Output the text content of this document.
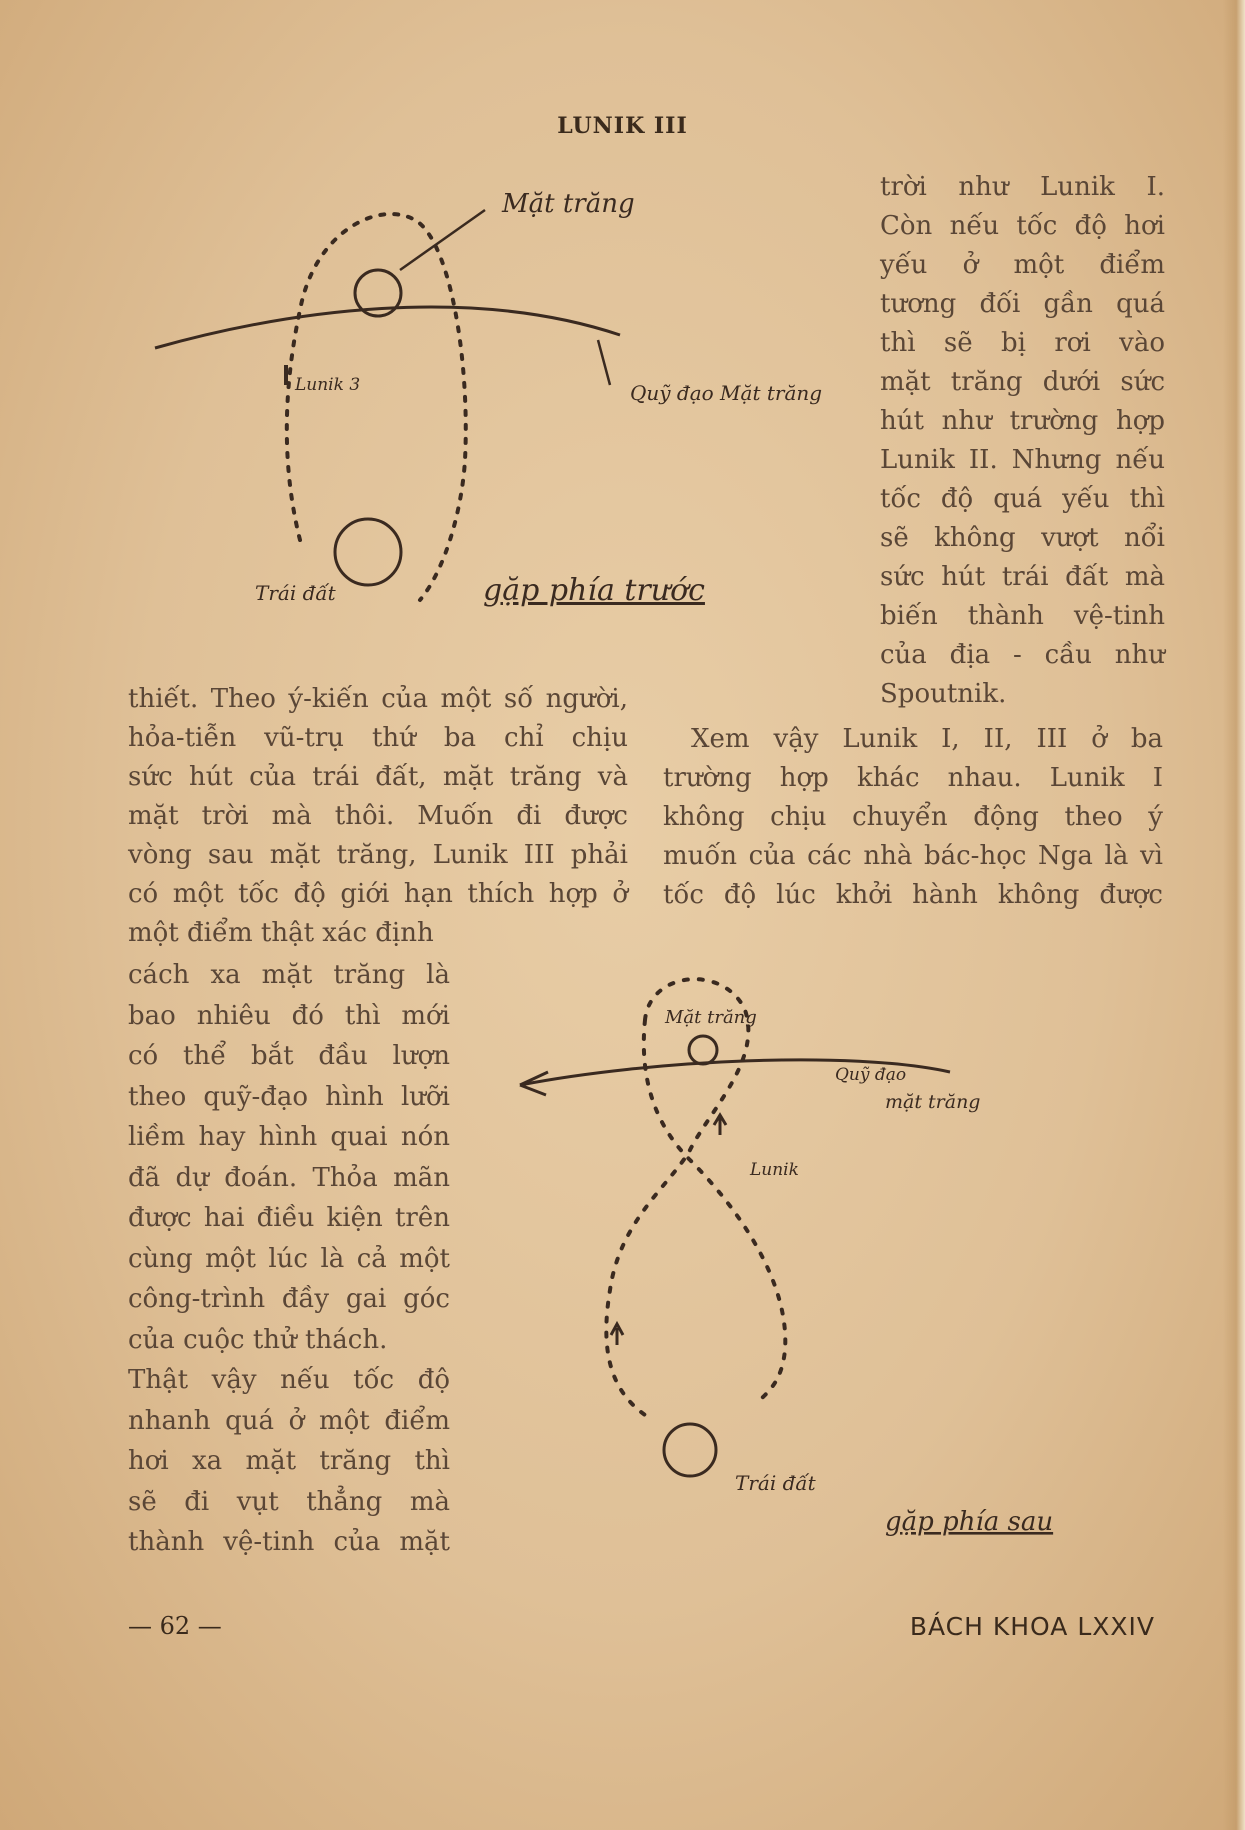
LUNIK III
Mặt trăng
Lunik 3	Quỹ đạo Mặt trăng
Trái đất	gặp phía trước

trời như Lunik I.

Còn nếu tốc độ hơi

yếu ở một điểm

tương đối gần quá

thì sẽ bị rơi vào

mặt trăng dưới sức

hút như trường hợp

Lunik II. Nhưng nếu

tốc độ quá yếu thì

sẽ không vượt nổi

sức hút trái đất mà

biến thành vệ-tinh

của địa - cầu như

Spoutnik.

thiết. Theo ý-kiến của một số người,

hỏa-tiễn vũ-trụ thứ ba chỉ chịu

sức hút của trái đất, mặt trăng và

mặt trời mà thôi. Muốn đi được

vòng sau mặt trăng, Lunik III phải

có một tốc độ giới hạn thích hợp ở

một điểm thật xác định

Xem vậy Lunik I, II, III ở ba

trường hợp khác nhau. Lunik I

không chịu chuyển động theo ý

muốn của các nhà bác-học Nga là vì

tốc độ lúc khởi hành không được

cách xa mặt trăng là

bao nhiêu đó thì mới

có thể bắt đầu lượn

theo quỹ-đạo hình lưỡi

liềm hay hình quai nón

đã dự đoán. Thỏa mãn

được hai điều kiện trên

cùng một lúc là cả một

công-trình đầy gai góc

của cuộc thử thách.

Thật vậy nếu tốc độ

nhanh quá ở một điểm

hơi xa mặt trăng thì

sẽ đi vụt thẳng mà

thành vệ-tinh của mặt

Mặt trăng
Quỹ đạo
mặt trăng
Lunik
Trái đất
gặp phía sau
— 62 —	BÁCH KHOA LXXIV
